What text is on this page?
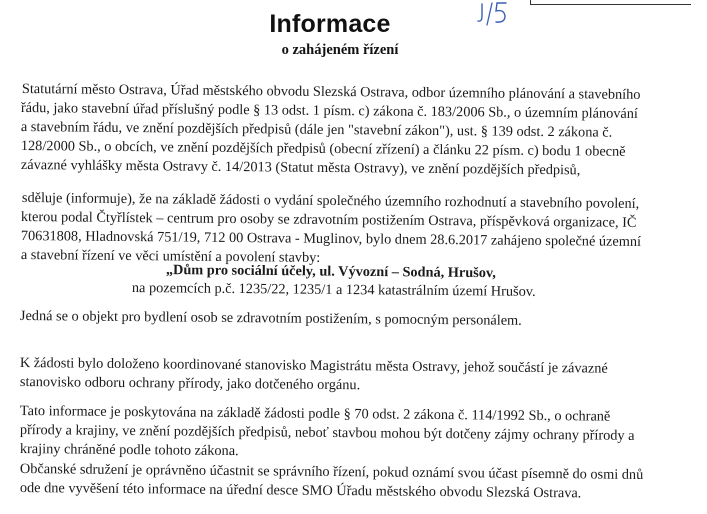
Informace
o zahájeném řízení
Statutární město Ostrava, Úřad městského obvodu Slezská Ostrava, odbor územního plánování a stavebního
řádu, jako stavební úřad příslušný podle § 13 odst. 1 písm. c) zákona č. 183/2006 Sb., o územním plánování
a stavebním řádu, ve znění pozdějších předpisů (dále jen "stavební zákon"), ust. § 139 odst. 2 zákona č.
128/2000 Sb., o obcích, ve znění pozdějších předpisů (obecní zřízení) a článku 22 písm. c) bodu 1 obecně
závazné vyhlášky města Ostravy č. 14/2013 (Statut města Ostravy), ve znění pozdějších předpisů,
sděluje (informuje), že na základě žádosti o vydání společného územního rozhodnutí a stavebního povolení,
kterou podal Čtyřlístek – centrum pro osoby se zdravotním postižením Ostrava, příspěvková organizace, IČ
70631808, Hladnovská 751/19, 712 00 Ostrava - Muglinov, bylo dnem 28.6.2017 zahájeno společné územní
a stavební řízení ve věci umístění a povolení stavby:
„Dům pro sociální účely, ul. Vývozní – Sodná, Hrušov,
na pozemcích p.č. 1235/22, 1235/1 a 1234 katastrálním území Hrušov.
Jedná se o objekt pro bydlení osob se zdravotním postižením, s pomocným personálem.
K žádosti bylo doloženo koordinované stanovisko Magistrátu města Ostravy, jehož součástí je závazné
stanovisko odboru ochrany přírody, jako dotčeného orgánu.
Tato informace je poskytována na základě žádosti podle § 70 odst. 2 zákona č. 114/1992 Sb., o ochraně
přírody a krajiny, ve znění pozdějších předpisů, neboť stavbou mohou být dotčeny zájmy ochrany přírody a
krajiny chráněné podle tohoto zákona.
Občanské sdružení je oprávněno účastnit se správního řízení, pokud oznámí svou účast písemně do osmi dnů
ode dne vyvěšení této informace na úřední desce SMO Úřadu městského obvodu Slezská Ostrava.
